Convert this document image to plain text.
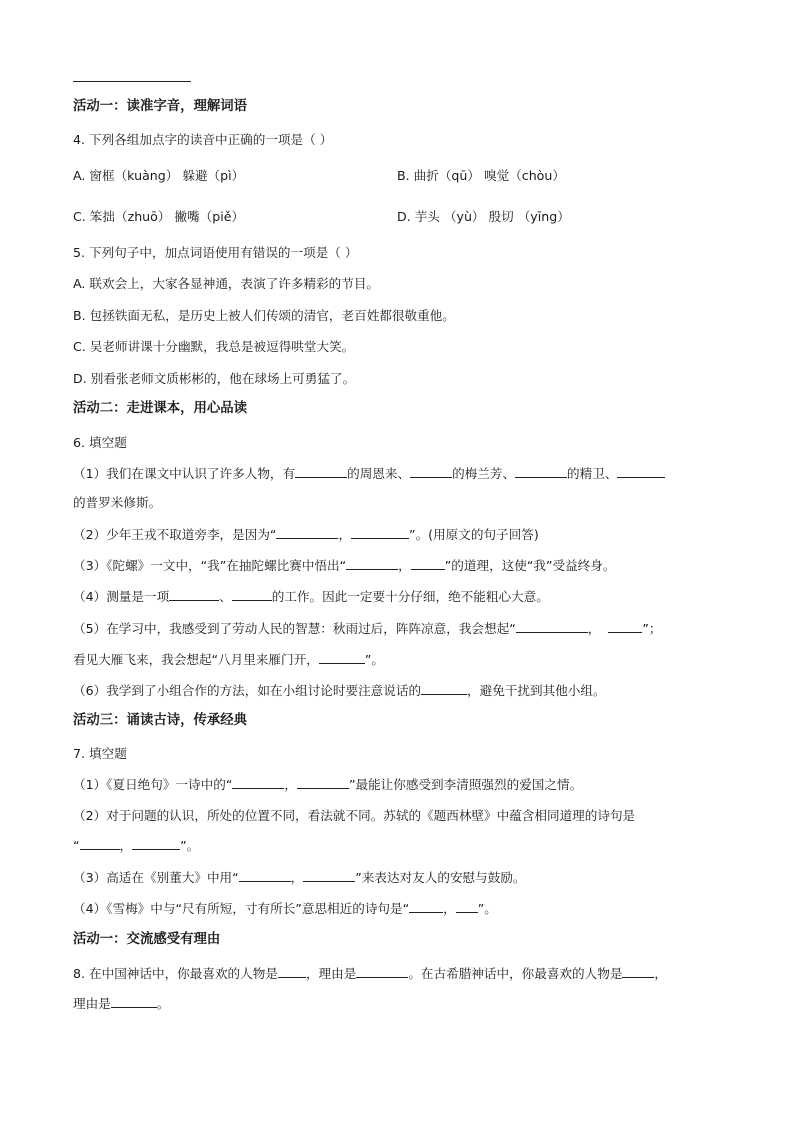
活动一：读准字音，理解词语
4. 下列各组加点字的读音中正确的一项是（ ）
A. 窗框（kuàng） 躲避（pì）	B. 曲折（qū） 嗅觉（chòu）
C. 笨拙（zhuō） 撇嘴（piě）	D. 芋头 （yù） 殷切 （yīng）
5. 下列句子中，加点词语使用有错误的一项是（ ）
A. 联欢会上，大家各显神通，表演了许多精彩的节目。
B. 包拯铁面无私，是历史上被人们传颂的清官，老百姓都很敬重他。
C. 吴老师讲课十分幽默，我总是被逗得哄堂大笑。
D. 别看张老师文质彬彬的，他在球场上可勇猛了。
活动二：走进课本，用心品读
6. 填空题
（1）我们在课文中认识了许多人物，有	的周恩来、	的梅兰芳、	的精卫、
的普罗米修斯。
（2）少年王戎不取道旁李，是因为“	，	”。(用原文的句子回答)
（3）《陀螺》一文中，“我”在抽陀螺比赛中悟出“	，	”的道理，这使“我”受益终身。
（4）测量是一项	、	的工作。因此一定要十分仔细，绝不能粗心大意。
（5）在学习中，我感受到了劳动人民的智慧：秋雨过后，阵阵凉意，我会想起“	，	”；
看见大雁飞来，我会想起“八月里来雁门开，	”。
（6）我学到了小组合作的方法，如在小组讨论时要注意说话的	，避免干扰到其他小组。
活动三：诵读古诗，传承经典
7. 填空题
（1）《夏日绝句》一诗中的“	，	”最能让你感受到李清照强烈的爱国之情。
（2）对于问题的认识，所处的位置不同，看法就不同。苏轼的《题西林壁》中蕴含相同道理的诗句是
“	，	”。
（3）高适在《别董大》中用“	，	”来表达对友人的安慰与鼓励。
（4）《雪梅》中与“尺有所短，寸有所长”意思相近的诗句是“	， ”。
活动一：交流感受有理由
8. 在中国神话中，你最喜欢的人物是 ，理由是	。在古希腊神话中，你最喜欢的人物是	，
理由是	。
